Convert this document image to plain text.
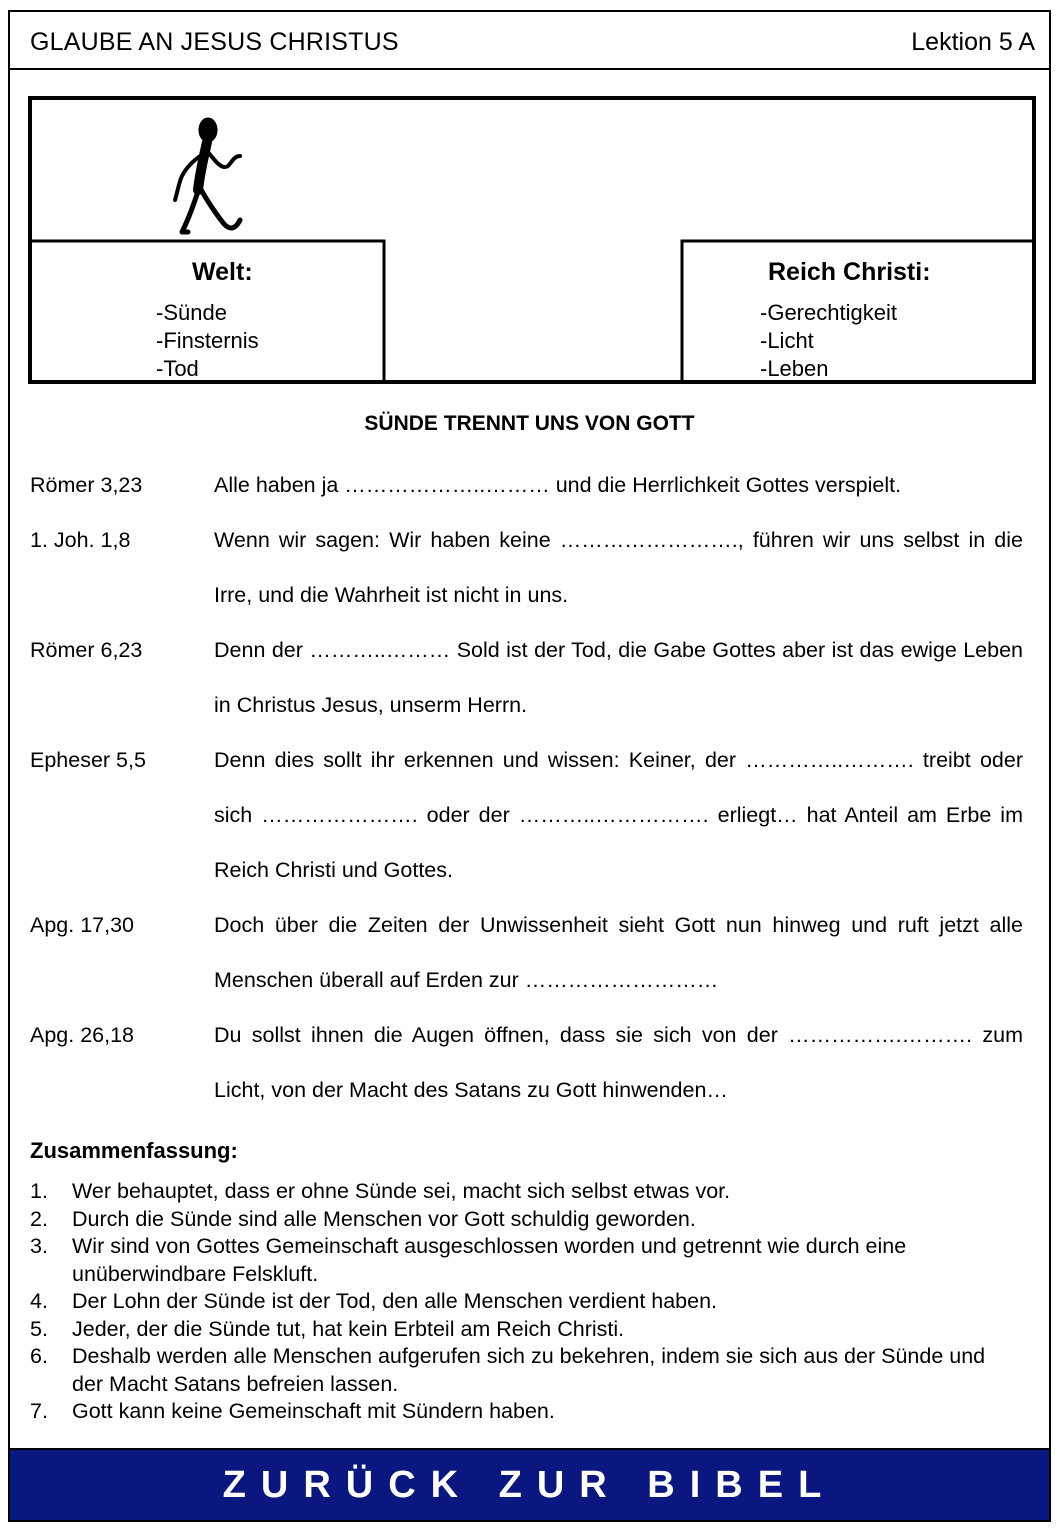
GLAUBE AN JESUS CHRISTUS	Lektion 5 A
Welt:
-Sünde
-Finsternis
-Tod
Reich Christi:
-Gerechtigkeit
-Licht
-Leben
SÜNDE TRENNT UNS VON GOTT
Römer 3,23	Alle haben ja ………………..……… und die Herrlichkeit Gottes verspielt.
1. Joh. 1,8	Wenn wir sagen: Wir haben keine ……………………., führen wir uns selbst in die Irre, und die Wahrheit ist nicht in uns.
Römer 6,23	Denn der ………..……… Sold ist der Tod, die Gabe Gottes aber ist das ewige Leben in Christus Jesus, unserm Herrn.
Epheser 5,5	Denn dies sollt ihr erkennen und wissen: Keiner, der …………..………. treibt oder sich …………………. oder der ………..……………. erliegt… hat Anteil am Erbe im Reich Christi und Gottes.
Apg. 17,30	Doch über die Zeiten der Unwissenheit sieht Gott nun hinweg und ruft jetzt alle Menschen überall auf Erden zur ………………………
Apg. 26,18	Du sollst ihnen die Augen öffnen, dass sie sich von der …………….………. zum Licht, von der Macht des Satans zu Gott hinwenden…
Zusammenfassung:
1. Wer behauptet, dass er ohne Sünde sei, macht sich selbst etwas vor.
2. Durch die Sünde sind alle Menschen vor Gott schuldig geworden.
3. Wir sind von Gottes Gemeinschaft ausgeschlossen worden und getrennt wie durch eine unüberwindbare Felskluft.
4. Der Lohn der Sünde ist der Tod, den alle Menschen verdient haben.
5. Jeder, der die Sünde tut, hat kein Erbteil am Reich Christi.
6. Deshalb werden alle Menschen aufgerufen sich zu bekehren, indem sie sich aus der Sünde und der Macht Satans befreien lassen.
7. Gott kann keine Gemeinschaft mit Sündern haben.
ZURÜCK ZUR BIBEL
